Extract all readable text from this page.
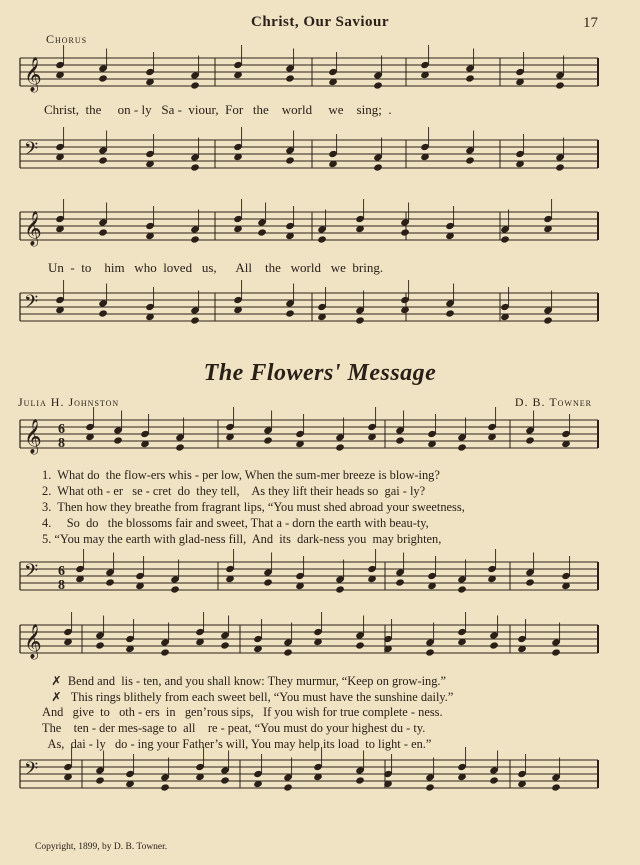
Christ, Our Saviour	17
Chorus
𝄞
𝄢
𝄞
𝄢
𝄞
𝄢
𝄞
𝄢
6
8
6
8
Christ,  the     on - ly   Sa -  viour,  For   the    world     we    sing;  .
Un  -  to    him   who  loved   us,      All    the   world   we  bring.
The Flowers' Message
Julia H. Johnston	D. B. Towner
1.  What do  the flow-ers whis - per low, When the sum-mer breeze is blow-ing?
2.  What oth - er   se - cret  do  they tell,    As they lift their heads so  gai - ly?
3.  Then how they breathe from fragrant lips, “You must shed abroad your sweetness,
4.     So  do   the blossoms fair and sweet, That a - dorn the earth with beau-ty,
5. “You may the earth with glad-ness fill,  And  its  dark-ness you  may brighten,
✗  Bend and  lis - ten, and you shall know: They murmur, “Keep on grow-ing.”
✗   This rings blithely from each sweet bell, “You must have the sunshine daily.”
And   give  to   oth - ers  in   gen’rous sips,   If you wish for true complete - ness.
The    ten - der mes-sage to  all    re - peat, “You must do your highest du - ty.
As,  dai - ly   do - ing your Father’s will, You may help its load  to light - en.”
Copyright, 1899, by D. B. Towner.
